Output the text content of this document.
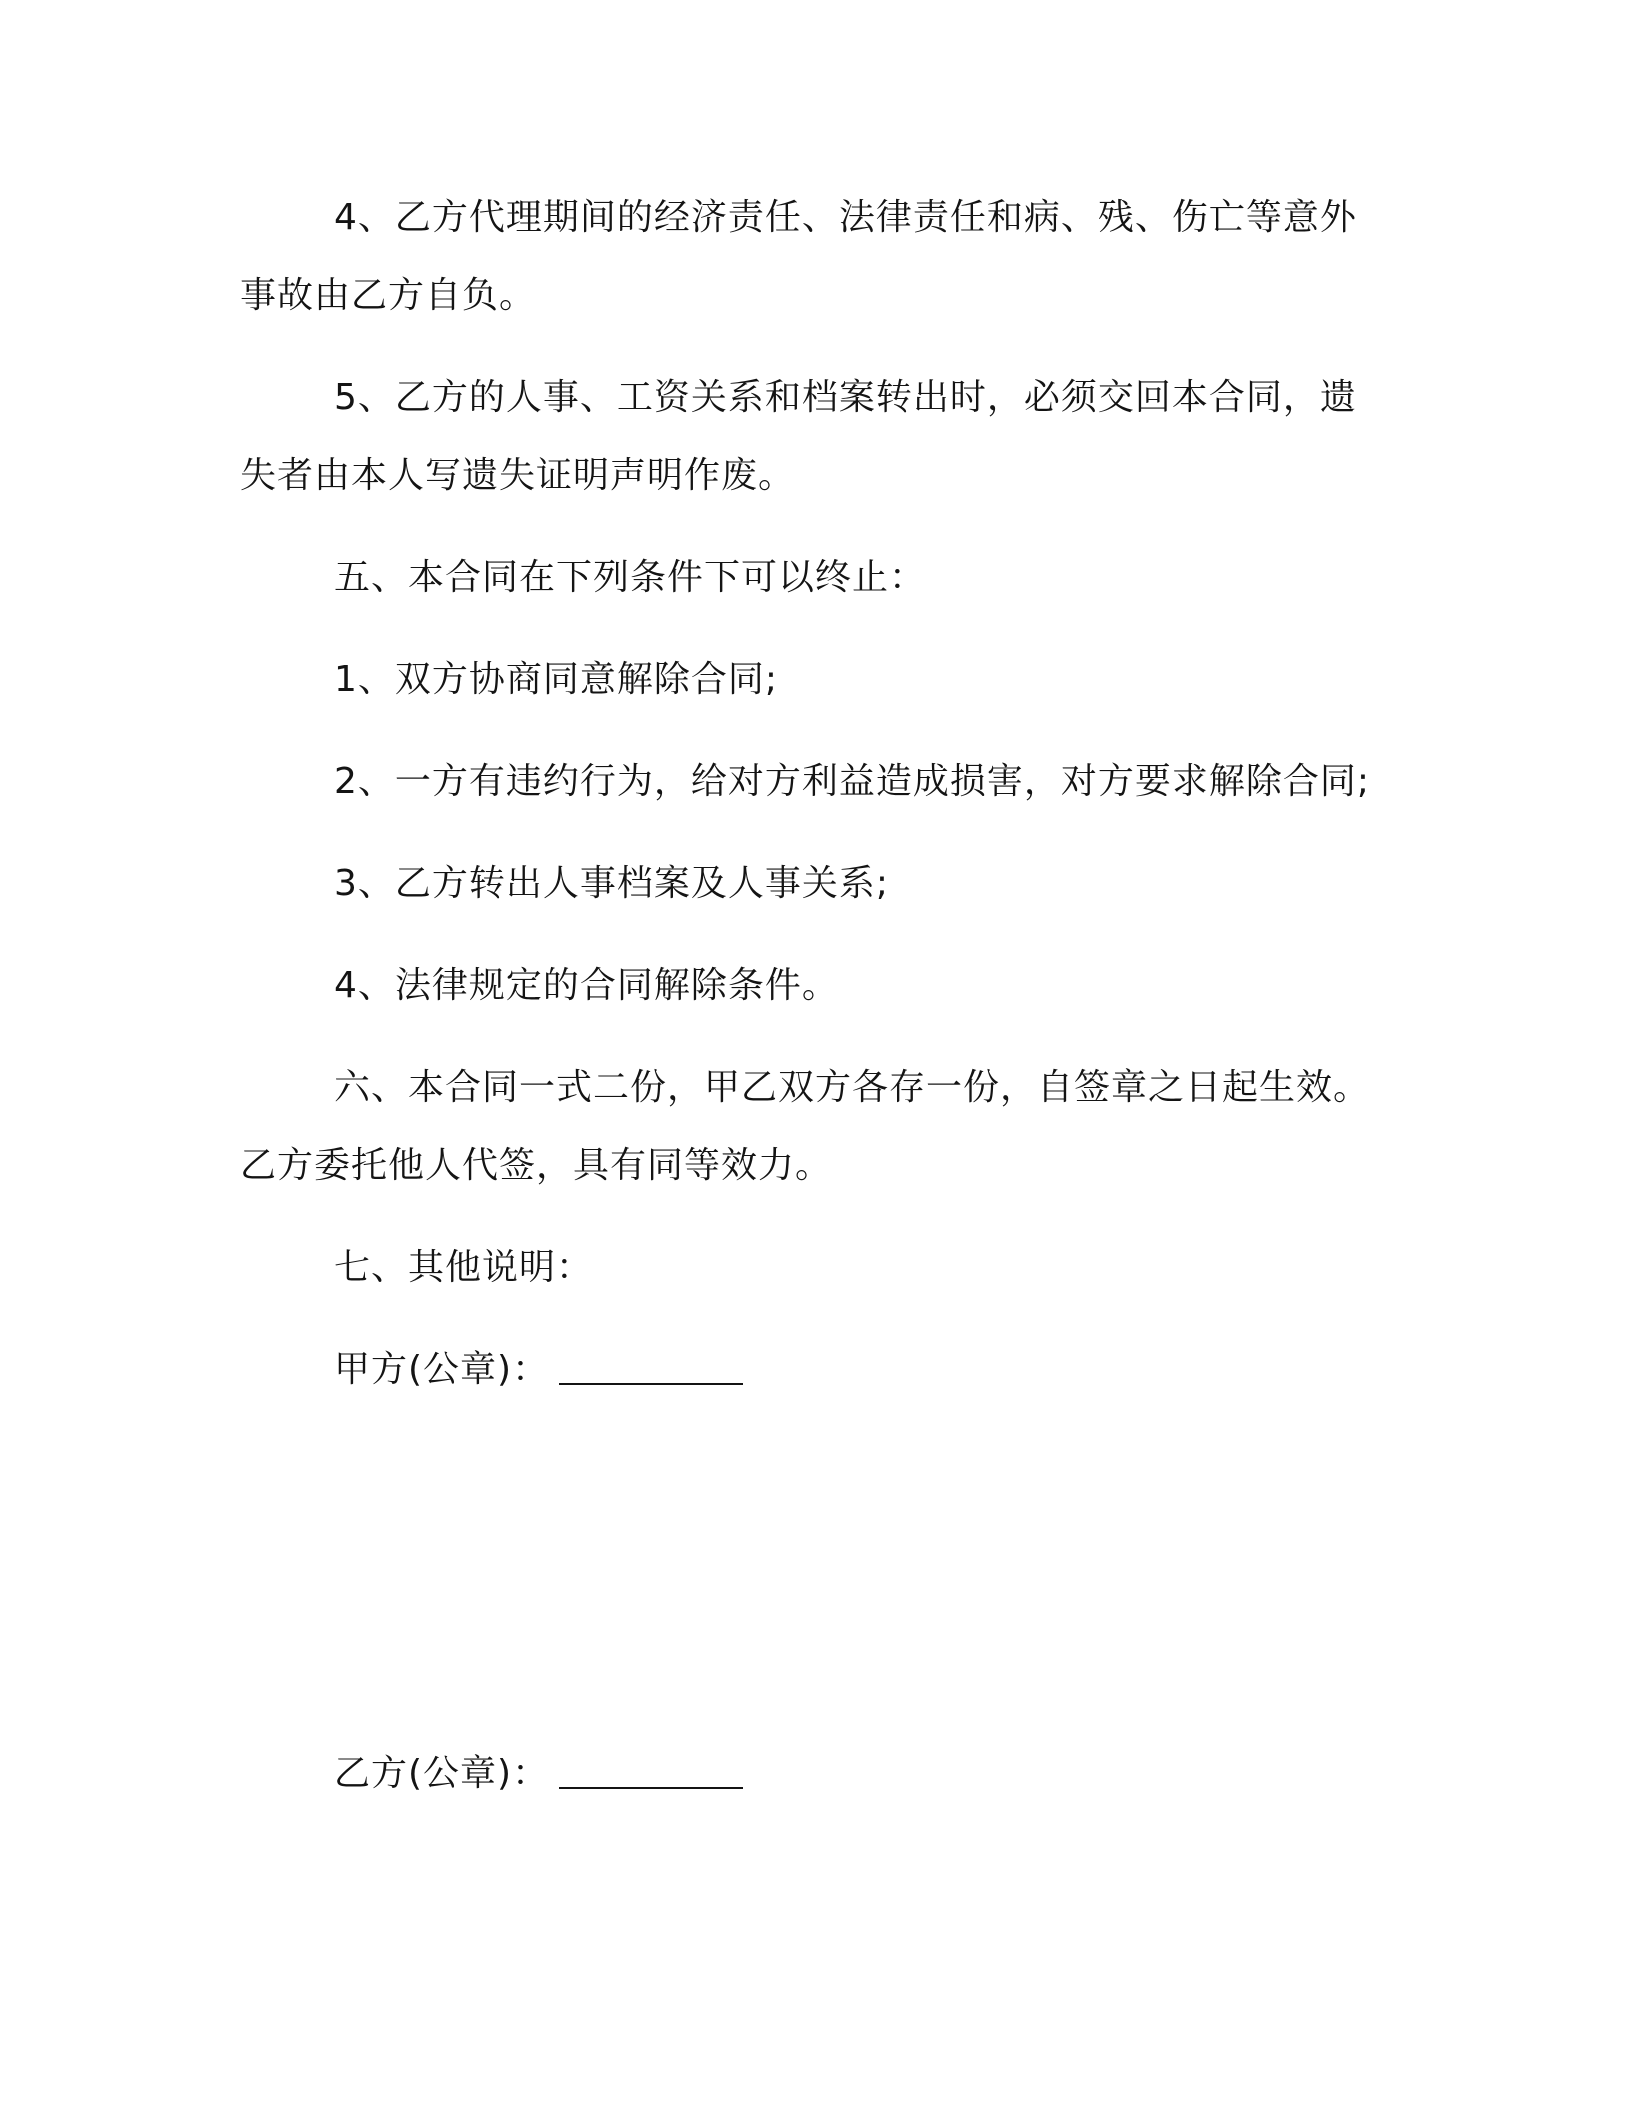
4、乙方代理期间的经济责任、法律责任和病、残、伤亡等意外
事故由乙方自负。
5、乙方的人事、工资关系和档案转出时，必须交回本合同，遗
失者由本人写遗失证明声明作废。
五、本合同在下列条件下可以终止：
1、双方协商同意解除合同;
2、一方有违约行为，给对方利益造成损害，对方要求解除合同;
3、乙方转出人事档案及人事关系;
4、法律规定的合同解除条件。
六、本合同一式二份，甲乙双方各存一份，自签章之日起生效。
乙方委托他人代签，具有同等效力。
七、其他说明：
甲方(公章)：
乙方(公章)：
